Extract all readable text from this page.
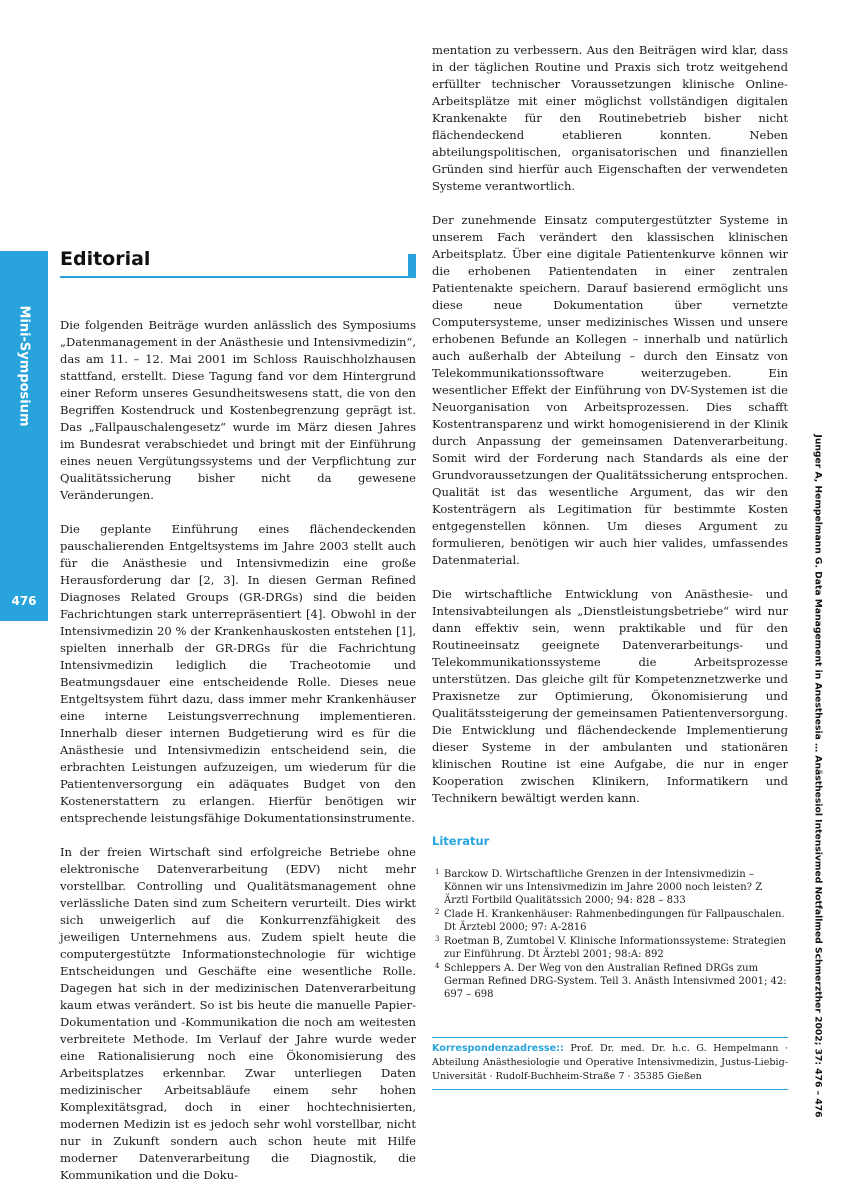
Mini-Symposium
476
Editorial

Die folgenden Beiträge wurden anlässlich des Symposiums „Datenmanagement in der Anästhesie und Intensivmedizin“, das am 11. – 12. Mai 2001 im Schloss Rauischholzhausen stattfand, erstellt. Diese Tagung fand vor dem Hintergrund einer Reform unseres Gesundheitswesens statt, die von den Begriffen Kostendruck und Kostenbegrenzung geprägt ist. Das „Fallpauschalengesetz“ wurde im März diesen Jahres im Bundesrat verabschiedet und bringt mit der Einführung eines neuen Vergütungssystems und der Verpflichtung zur Qualitätssicherung bisher nicht da gewesene Veränderungen.

Die geplante Einführung eines flächendeckenden pauschalierenden Entgeltsystems im Jahre 2003 stellt auch für die Anästhesie und Intensivmedizin eine große Herausforderung dar [2, 3]. In diesen German Refined Diagnoses Related Groups (GR-DRGs) sind die beiden Fachrichtungen stark unterrepräsentiert [4]. Obwohl in der Intensivmedizin 20 % der Krankenhauskosten entstehen [1], spielten innerhalb der GR-DRGs für die Fachrichtung Intensivmedizin lediglich die Tracheotomie und Beatmungsdauer eine entscheidende Rolle. Dieses neue Entgeltsystem führt dazu, dass immer mehr Krankenhäuser eine interne Leistungsverrechnung implementieren. Innerhalb dieser internen Budgetierung wird es für die Anästhesie und Intensivmedizin entscheidend sein, die erbrachten Leistungen aufzuzeigen, um wiederum für die Patientenversorgung ein adäquates Budget von den Kostenerstattern zu erlangen. Hierfür benötigen wir entsprechende leistungsfähige Dokumentationsinstrumente.

In der freien Wirtschaft sind erfolgreiche Betriebe ohne elektronische Datenverarbeitung (EDV) nicht mehr vorstellbar. Controlling und Qualitätsmanagement ohne verlässliche Daten sind zum Scheitern verurteilt. Dies wirkt sich unweigerlich auf die Konkurrenzfähigkeit des jeweiligen Unternehmens aus. Zudem spielt heute die computergestützte Informationstechnologie für wichtige Entscheidungen und Geschäfte eine wesentliche Rolle. Dagegen hat sich in der medizinischen Datenverarbeitung kaum etwas verändert. So ist bis heute die manuelle Papier-Dokumentation und -Kommunikation die noch am weitesten verbreitete Methode. Im Verlauf der Jahre wurde weder eine Rationalisierung noch eine Ökonomisierung des Arbeitsplatzes erkennbar. Zwar unterliegen Daten medizinischer Arbeitsabläufe einem sehr hohen Komplexitätsgrad, doch in einer hochtechnisierten, modernen Medizin ist es jedoch sehr wohl vorstellbar, nicht nur in Zukunft sondern auch schon heute mit Hilfe moderner Datenverarbeitung die Diagnostik, die Kommunikation und die Doku-

mentation zu verbessern. Aus den Beiträgen wird klar, dass in der täglichen Routine und Praxis sich trotz weitgehend erfüllter technischer Voraussetzungen klinische Online-Arbeitsplätze mit einer möglichst vollständigen digitalen Krankenakte für den Routinebetrieb bisher nicht flächendeckend etablieren konnten. Neben abteilungspolitischen, organisatorischen und finanziellen Gründen sind hierfür auch Eigenschaften der verwendeten Systeme verantwortlich.

Der zunehmende Einsatz computergestützter Systeme in unserem Fach verändert den klassischen klinischen Arbeitsplatz. Über eine digitale Patientenkurve können wir die erhobenen Patientendaten in einer zentralen Patientenakte speichern. Darauf basierend ermöglicht uns diese neue Dokumentation über vernetzte Computersysteme, unser medizinisches Wissen und unsere erhobenen Befunde an Kollegen – innerhalb und natürlich auch außerhalb der Abteilung – durch den Einsatz von Telekommunikationssoftware weiterzugeben. Ein wesentlicher Effekt der Einführung von DV-Systemen ist die Neuorganisation von Arbeitsprozessen. Dies schafft Kostentransparenz und wirkt homogenisierend in der Klinik durch Anpassung der gemeinsamen Datenverarbeitung. Somit wird der Forderung nach Standards als eine der Grundvoraussetzungen der Qualitätssicherung entsprochen. Qualität ist das wesentliche Argument, das wir den Kostenträgern als Legitimation für bestimmte Kosten entgegenstellen können. Um dieses Argument zu formulieren, benötigen wir auch hier valides, umfassendes Datenmaterial.

Die wirtschaftliche Entwicklung von Anästhesie- und Intensivabteilungen als „Dienstleistungsbetriebe“ wird nur dann effektiv sein, wenn praktikable und für den Routineeinsatz geeignete Datenverarbeitungs- und Telekommunikationssysteme die Arbeitsprozesse unterstützen. Das gleiche gilt für Kompetenznetzwerke und Praxisnetze zur Optimierung, Ökonomisierung und Qualitätssteigerung der gemeinsamen Patientenversorgung. Die Entwicklung und flächendeckende Implementierung dieser Systeme in der ambulanten und stationären klinischen Routine ist eine Aufgabe, die nur in enger Kooperation zwischen Klinikern, Informatikern und Technikern bewältigt werden kann.

Literatur
1 Barckow D. Wirtschaftliche Grenzen in der Intensivmedizin – Können wir uns Intensivmedizin im Jahre 2000 noch leisten? Z Ärztl Fortbild Qualitätssich 2000; 94: 828 – 833
2 Clade H. Krankenhäuser: Rahmenbedingungen für Fallpauschalen. Dt Ärztebl 2000; 97: A-2816
3 Roetman B, Zumtobel V. Klinische Informationssysteme: Strategien zur Einführung. Dt Ärztebl 2001; 98:A: 892
4 Schleppers A. Der Weg von den Australian Refined DRGs zum German Refined DRG-System. Teil 3. Anästh Intensivmed 2001; 42: 697 – 698
Korrespondenzadresse:: Prof. Dr. med. Dr. h.c. G. Hempelmann · Abteilung Anästhesiologie und Operative Intensivmedizin, Justus-Liebig-Universität · Rudolf-Buchheim-Straße 7 · 35385 Gießen	Junger A, Hempelmann G. Data Management in Anesthesia … Anästhesiol Intensivmed Notfallmed Schmerzther 2002; 37: 476 – 476
